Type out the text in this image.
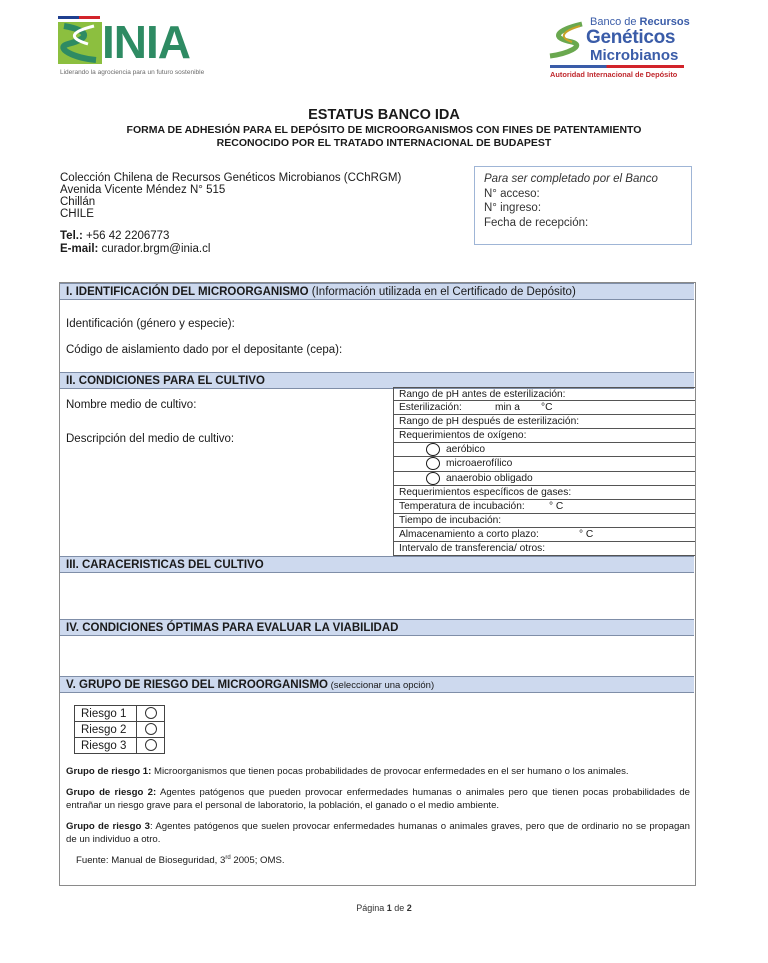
INIA
Liderando la agrociencia para un futuro sostenible
Banco de Recursos
Genéticos
Microbianos
Autoridad Internacional de Depósito
ESTATUS BANCO IDA
FORMA DE ADHESIÓN PARA EL DEPÓSITO DE MICROORGANISMOS CON FINES DE PATENTAMIENTO
RECONOCIDO POR EL TRATADO INTERNACIONAL DE BUDAPEST
Colección Chilena de Recursos Genéticos Microbianos (CChRGM)
Avenida Vicente Méndez N° 515
Chillán
CHILE
Tel.: +56 42 2206773
E-mail: curador.brgm@inia.cl
Para ser completado por el Banco
N° acceso:
N° ingreso:
Fecha de recepción:
I. IDENTIFICACIÓN DEL MICROORGANISMO (Información utilizada en el Certificado de Depósito)
Identificación (género y especie):
Código de aislamiento dado por el depositante (cepa):
II. CONDICIONES PARA EL CULTIVO
Nombre medio de cultivo:
Descripción del medio de cultivo:
Rango de pH antes de esterilización:
Esterilización:	min a °C
Rango de pH después de esterilización:
Requerimientos de oxígeno:
aeróbico
microaerofílico
anaerobio obligado
Requerimientos específicos de gases:
Temperatura de incubación: ° C
Tiempo de incubación:
Almacenamiento a corto plazo:	° C
Intervalo de transferencia/ otros:
III. CARACERISTICAS DEL CULTIVO
IV. CONDICIONES ÓPTIMAS PARA EVALUAR LA VIABILIDAD
V. GRUPO DE RIESGO DEL MICROORGANISMO (seleccionar una opción)
Riesgo 1	
Riesgo 2	
Riesgo 3	
Grupo de riesgo 1: Microorganismos que tienen pocas probabilidades de provocar enfermedades en el ser humano o los animales.
Grupo de riesgo 2: Agentes patógenos que pueden provocar enfermedades humanas o animales pero que tienen pocas probabilidades de entrañar un riesgo grave para el personal de laboratorio, la población, el ganado o el medio ambiente.
Grupo de riesgo 3: Agentes patógenos que suelen provocar enfermedades humanas o animales graves, pero que de ordinario no se propagan de un individuo a otro.
Fuente: Manual de Bioseguridad, 3rd 2005; OMS.
Página 1 de 2
